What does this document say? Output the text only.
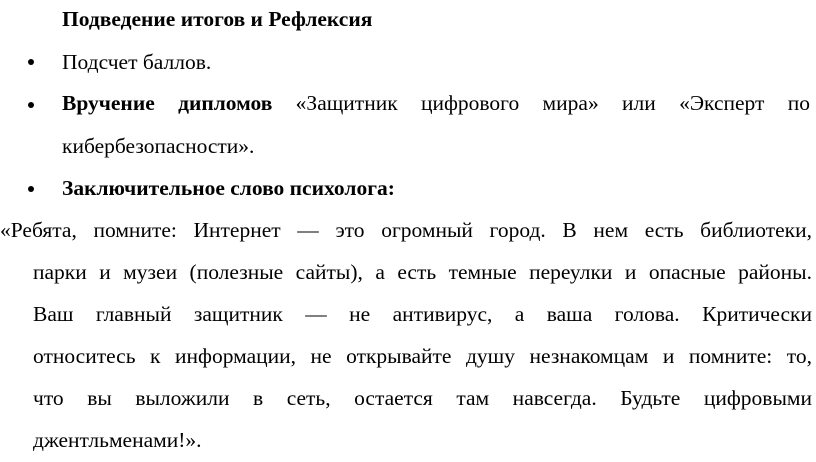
Подведение итогов и Рефлексия
Подсчет баллов.
Вручение дипломов «Защитник цифрового мира» или «Эксперт по
кибербезопасности».
Заключительное слово психолога:
«Ребята, помните: Интернет — это огромный город. В нем есть библиотеки,
парки и музеи (полезные сайты), а есть темные переулки и опасные районы.
Ваш главный защитник — не антивирус, а ваша голова. Критически
относитесь к информации, не открывайте душу незнакомцам и помните: то,
что вы выложили в сеть, остается там навсегда. Будьте цифровыми
джентльменами!».
